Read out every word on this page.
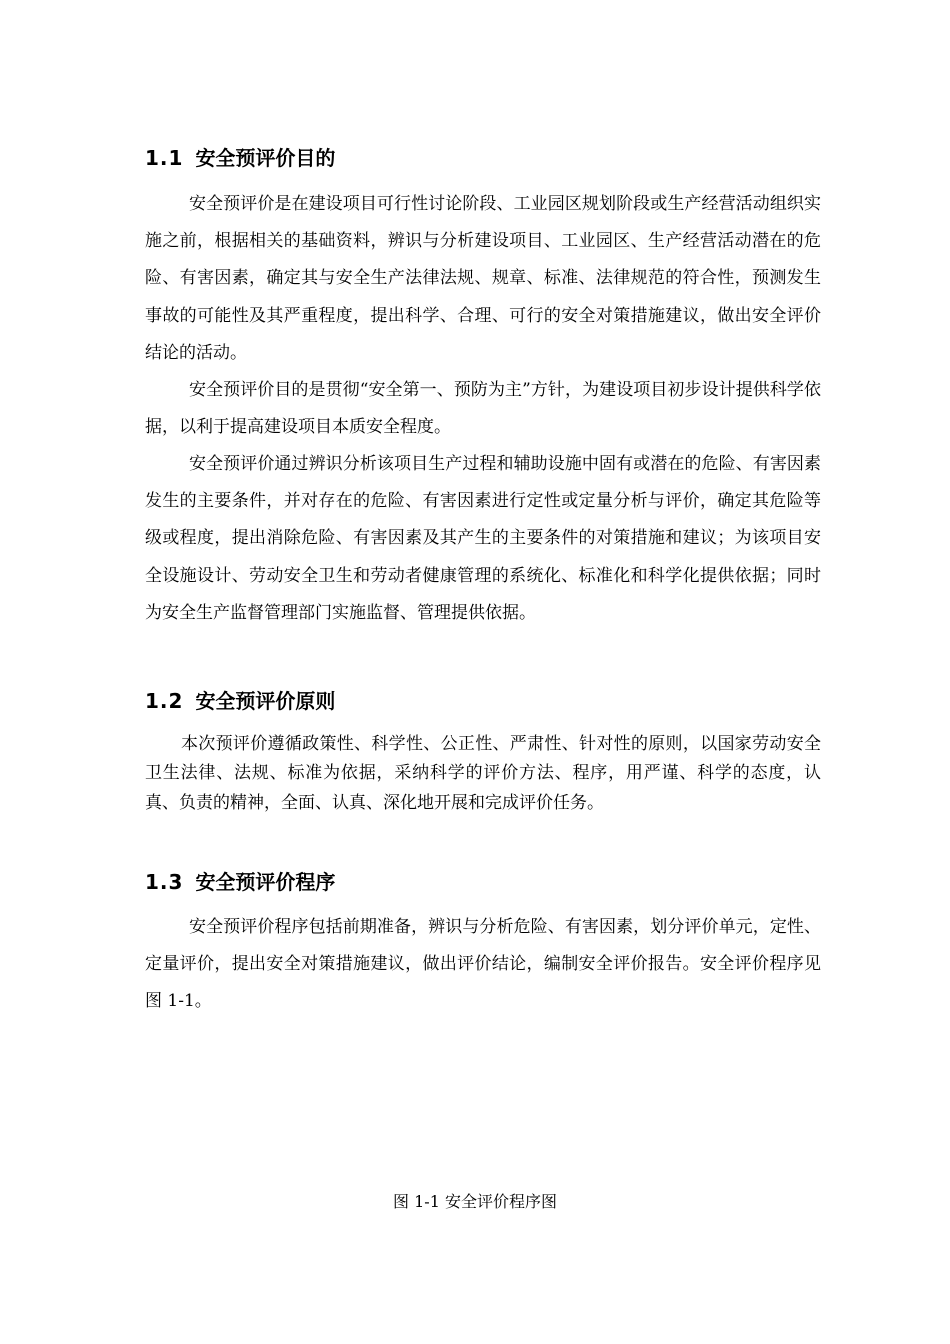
1.1 安全预评价目的

安全预评价是在建设项目可行性讨论阶段、工业园区规划阶段或生产经营活动组织实施之前，根据相关的基础资料，辨识与分析建设项目、工业园区、生产经营活动潜在的危险、有害因素，确定其与安全生产法律法规、规章、标准、法律规范的符合性，预测发生事故的可能性及其严重程度，提出科学、合理、可行的安全对策措施建议，做出安全评价结论的活动。

安全预评价目的是贯彻“安全第一、预防为主”方针，为建设项目初步设计提供科学依据，以利于提高建设项目本质安全程度。

安全预评价通过辨识分析该项目生产过程和辅助设施中固有或潜在的危险、有害因素发生的主要条件，并对存在的危险、有害因素进行定性或定量分析与评价，确定其危险等级或程度，提出消除危险、有害因素及其产生的主要条件的对策措施和建议；为该项目安全设施设计、劳动安全卫生和劳动者健康管理的系统化、标准化和科学化提供依据；同时为安全生产监督管理部门实施监督、管理提供依据。

1.2 安全预评价原则

本次预评价遵循政策性、科学性、公正性、严肃性、针对性的原则，以国家劳动安全卫生法律、法规、标准为依据，采纳科学的评价方法、程序，用严谨、科学的态度，认真、负责的精神，全面、认真、深化地开展和完成评价任务。

1.3 安全预评价程序

安全预评价程序包括前期准备，辨识与分析危险、有害因素，划分评价单元，定性、定量评价，提出安全对策措施建议，做出评价结论，编制安全评价报告。安全评价程序见图 1-1。

图 1-1 安全评价程序图
